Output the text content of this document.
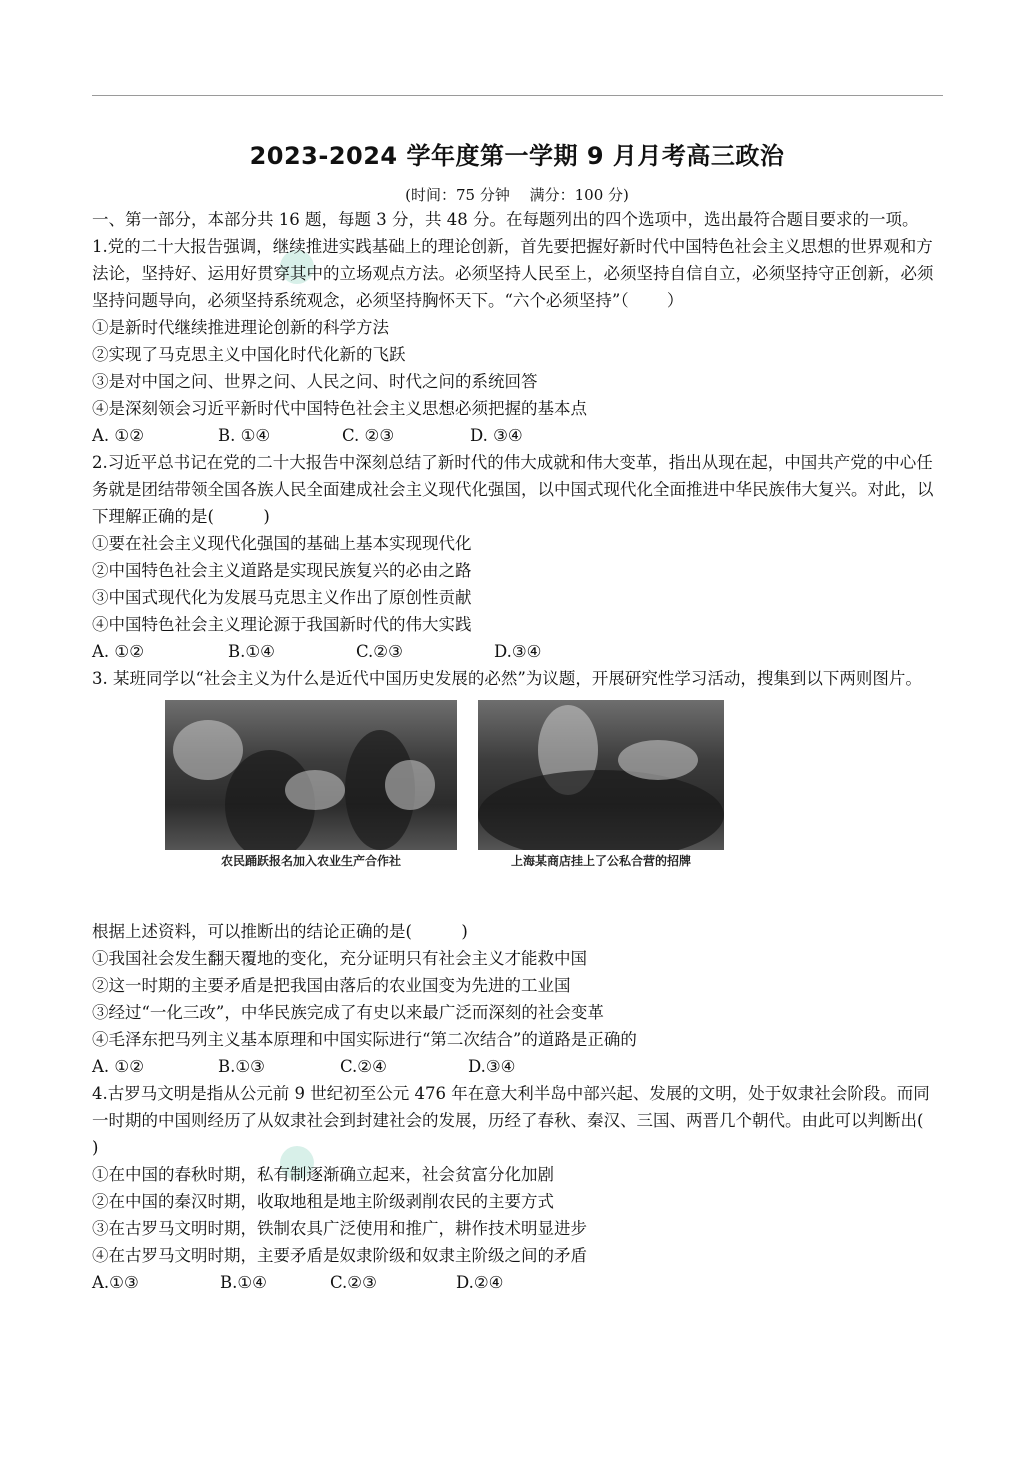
2023-2024 学年度第一学期 9 月月考高三政治
(时间：75 分钟　 满分：100 分)

一、第一部分，本部分共 16 题，每题 3 分，共 48 分。在每题列出的四个选项中，选出最符合题目要求的一项。

1.党的二十大报告强调，继续推进实践基础上的理论创新，首先要把握好新时代中国特色社会主义思想的世界观和方法论，坚持好、运用好贯穿其中的立场观点方法。必须坚持人民至上，必须坚持自信自立，必须坚持守正创新，必须坚持问题导向，必须坚持系统观念，必须坚持胸怀天下。“六个必须坚持”（　　 ）

①是新时代继续推进理论创新的科学方法

②实现了马克思主义中国化时代化新的飞跃

③是对中国之问、世界之问、人民之问、时代之问的系统回答

④是深刻领会习近平新时代中国特色社会主义思想必须把握的基本点

A. ①②	B. ①④	C. ②③	D. ③④

2.习近平总书记在党的二十大报告中深刻总结了新时代的伟大成就和伟大变革，指出从现在起，中国共产党的中心任务就是团结带领全国各族人民全面建成社会主义现代化强国，以中国式现代化全面推进中华民族伟大复兴。对此，以下理解正确的是(　　　)

①要在社会主义现代化强国的基础上基本实现现代化

②中国特色社会主义道路是实现民族复兴的必由之路

③中国式现代化为发展马克思主义作出了原创性贡献

④中国特色社会主义理论源于我国新时代的伟大实践

A. ①②	B.①④	C.②③	D.③④

3. 某班同学以“社会主义为什么是近代中国历史发展的必然”为议题，开展研究性学习活动，搜集到以下两则图片。

农民踊跃报名加入农业生产合作社	上海某商店挂上了公私合营的招牌

根据上述资料，可以推断出的结论正确的是(　　　)

①我国社会发生翻天覆地的变化，充分证明只有社会主义才能救中国

②这一时期的主要矛盾是把我国由落后的农业国变为先进的工业国

③经过“一化三改”，中华民族完成了有史以来最广泛而深刻的社会变革

④毛泽东把马列主义基本原理和中国实际进行“第二次结合”的道路是正确的

A. ①②	B.①③	C.②④	D.③④

4.古罗马文明是指从公元前 9 世纪初至公元 476 年在意大利半岛中部兴起、发展的文明，处于奴隶社会阶段。而同一时期的中国则经历了从奴隶社会到封建社会的发展，历经了春秋、秦汉、三国、两晋几个朝代。由此可以判断出(　　 )

①在中国的春秋时期，私有制逐渐确立起来，社会贫富分化加剧

②在中国的秦汉时期，收取地租是地主阶级剥削农民的主要方式

③在古罗马文明时期，铁制农具广泛使用和推广，耕作技术明显进步

④在古罗马文明时期，主要矛盾是奴隶阶级和奴隶主阶级之间的矛盾

A.①③	B.①④	C.②③	D.②④
